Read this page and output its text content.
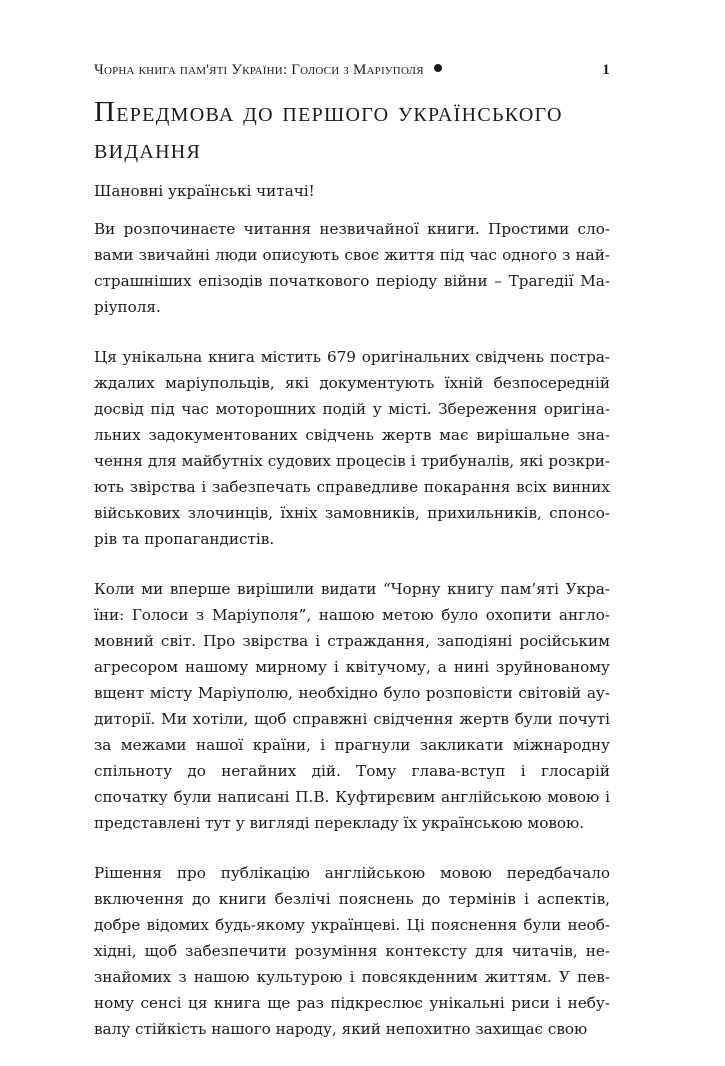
Чорна книга пам'яті України: Голоси з Маріуполя	1
Передмова до першого українського видання

Шановні українські читачі!

Ви розпочинаєте читання незвичайної книги. Простими словами звичайні люди описують своє життя під час одного з найстрашніших епізодів початкового періоду війни – Трагедії Маріуполя.

Ця унікальна книга містить 679 оригінальних свідчень постраждалих маріупольців, які документують їхній безпосередній досвід під час моторошних подій у місті. Збереження оригінальних задокументованих свідчень жертв має вирішальне значення для майбутніх судових процесів і трибуналів, які розкриють звірства і забезпечать справедливе покарання всіх винних військових злочинців, їхніх замовників, прихильників, спонсорів та пропагандистів.

Коли ми вперше вирішили видати “Чорну книгу пам’яті України: Голоси з Маріуполя”, нашою метою було охопити англомовний світ. Про звірства і страждання, заподіяні російським агресором нашому мирному і квітучому, а нині зруйнованому вщент місту Маріуполю, необхідно було розповісти світовій аудиторії. Ми хотіли, щоб справжні свідчення жертв були почуті за межами нашої країни, і прагнули закликати міжнародну спільноту до негайних дій. Тому глава-вступ і глосарій спочатку були написані П.В. Куфтирєвим англійською мовою і представлені тут у вигляді перекладу їх українською мовою.

Рішення про публікацію англійською мовою передбачало включення до книги безлічі пояснень до термінів і аспектів, добре відомих будь-якому українцеві. Ці пояснення були необхідні, щоб забезпечити розуміння контексту для читачів, незнайомих з нашою культурою і повсякденним життям. У певному сенсі ця книга ще раз підкреслює унікальні риси і небувалу стійкість нашого народу, який непохитно захищає свою
